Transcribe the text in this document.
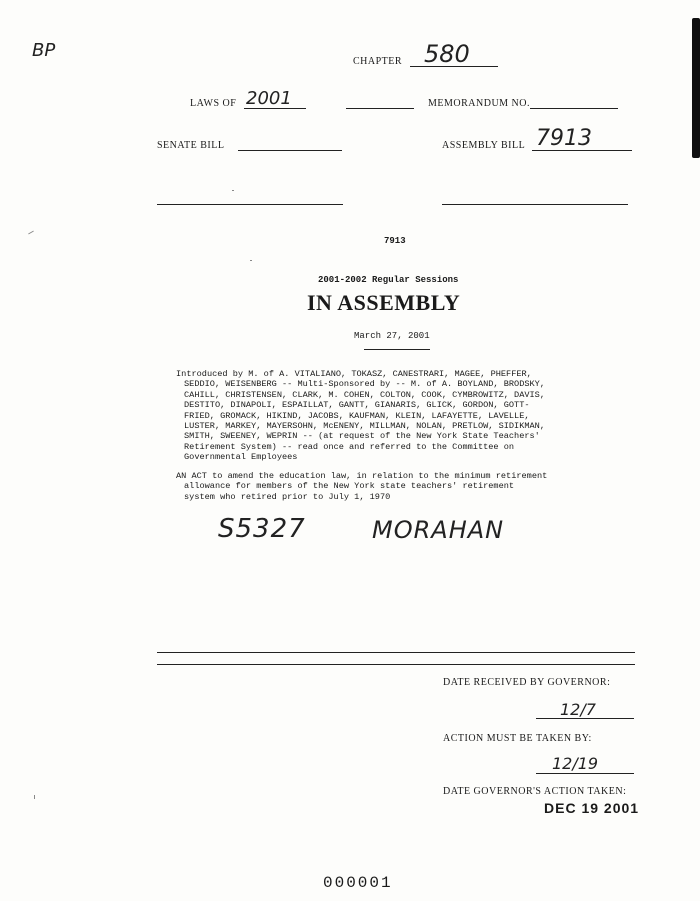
BP
CHAPTER 580
LAWS OF 2001	MEMORANDUM NO.
SENATE BILL	ASSEMBLY BILL 7913
7913
2001-2002 Regular Sessions
IN ASSEMBLY
March 27, 2001
Introduced by M. of A. VITALIANO, TOKASZ, CANESTRARI, MAGEE, PHEFFER,
SEDDIO, WEISENBERG -- Multi-Sponsored by -- M. of A. BOYLAND, BRODSKY,
CAHILL, CHRISTENSEN, CLARK, M. COHEN, COLTON, COOK, CYMBROWITZ, DAVIS,
DESTITO, DINAPOLI, ESPAILLAT, GANTT, GIANARIS, GLICK, GORDON, GOTT-
FRIED, GROMACK, HIKIND, JACOBS, KAUFMAN, KLEIN, LAFAYETTE, LAVELLE,
LUSTER, MARKEY, MAYERSOHN, McENENY, MILLMAN, NOLAN, PRETLOW, SIDIKMAN,
SMITH, SWEENEY, WEPRIN -- (at request of the New York State Teachers'
Retirement System) -- read once and referred to the Committee on
Governmental Employees
AN ACT to amend the education law, in relation to the minimum retirement
allowance for members of the New York state teachers' retirement
system who retired prior to July 1, 1970
S5327	MORAHAN
DATE RECEIVED BY GOVERNOR:
12/7
ACTION MUST BE TAKEN BY:
12/19
DATE GOVERNOR'S ACTION TAKEN:
DEC 19 2001
000001
